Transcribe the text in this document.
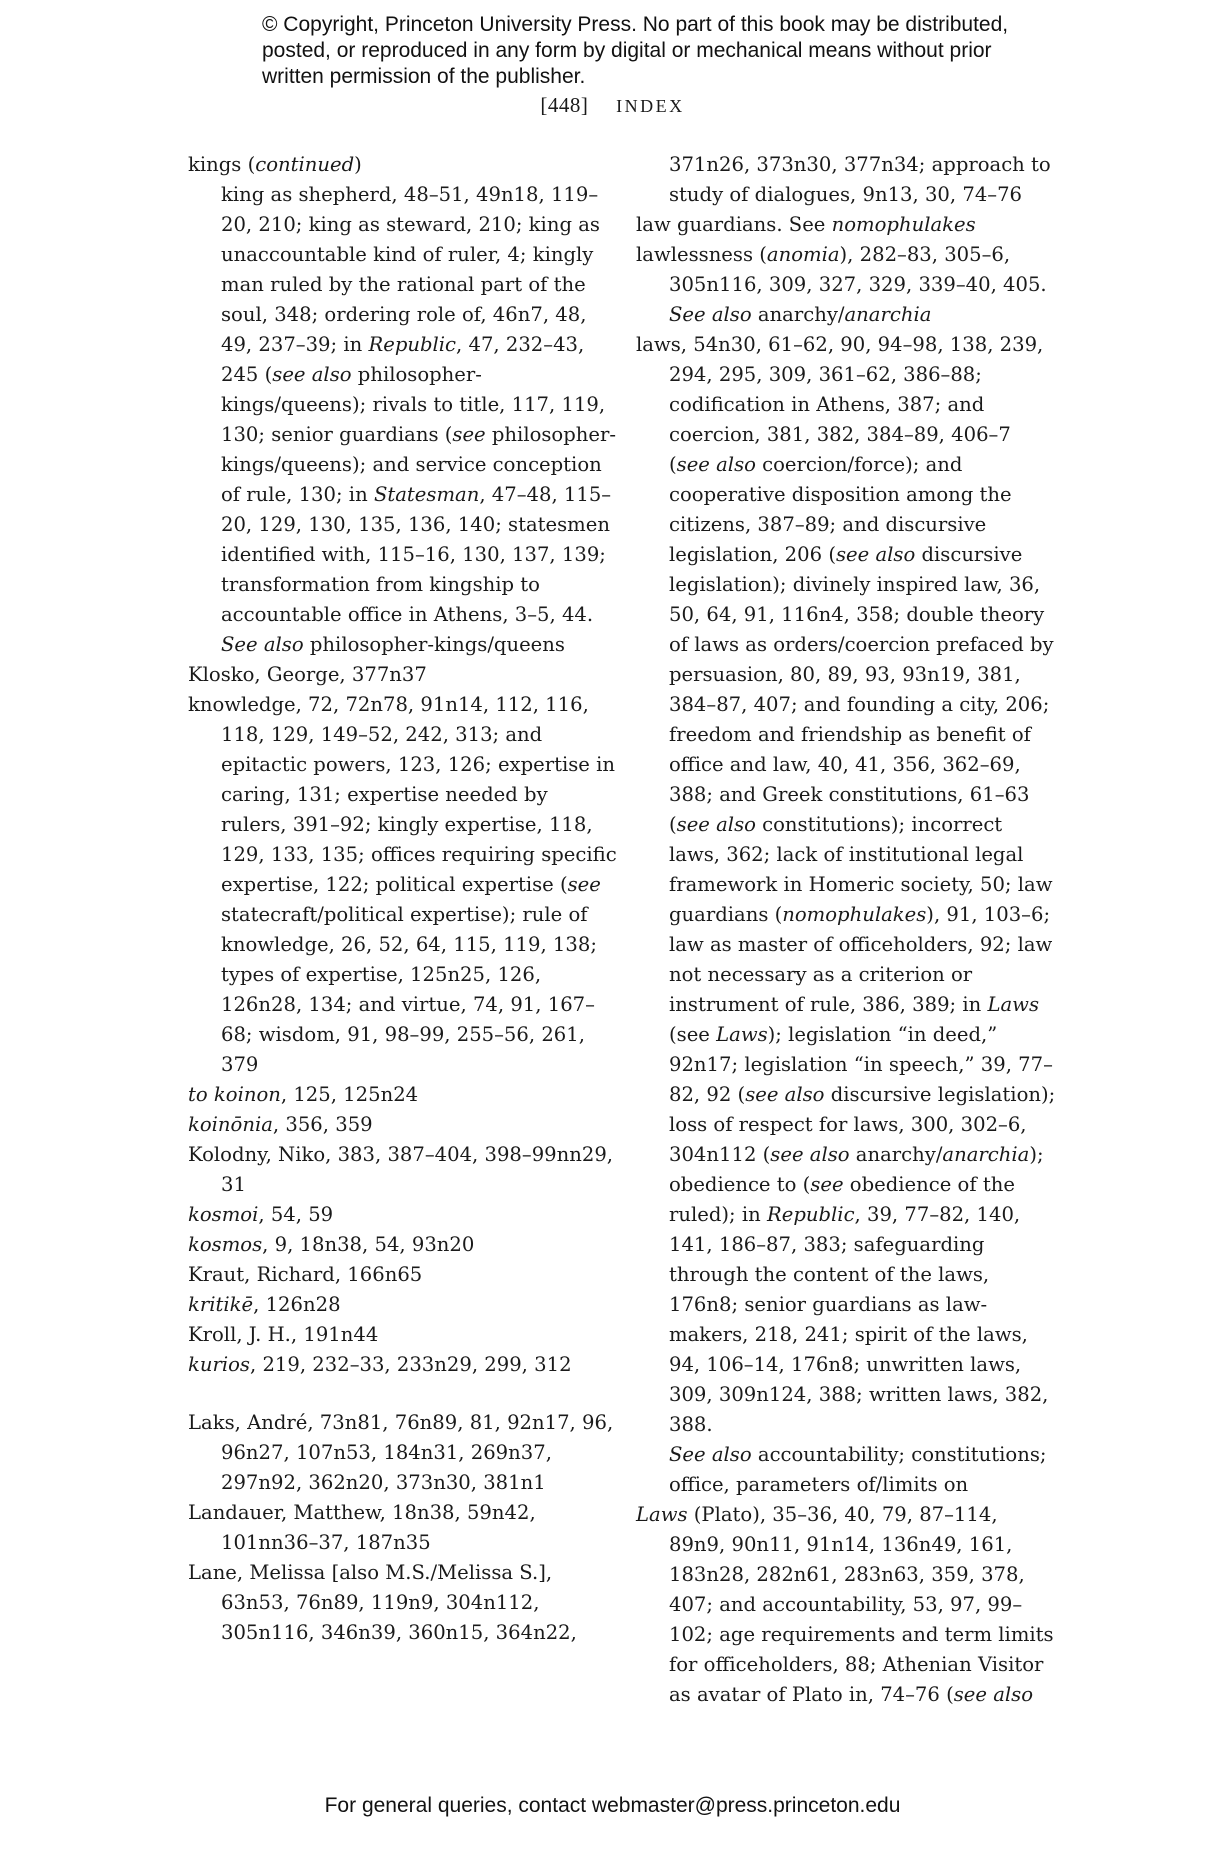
© Copyright, Princeton University Press. No part of this book may be distributed, posted, or reproduced in any form by digital or mechanical means without prior written permission of the publisher.
[448] INDEX

kings (continued)

king as shepherd, 48–51, 49n18, 119–20, 210; king as steward, 210; king as unaccountable kind of ruler, 4; kingly man ruled by the rational part of the soul, 348; ordering role of, 46n7, 48, 49, 237–39; in Republic, 47, 232–43, 245 (see also philosopher-kings/queens); rivals to title, 117, 119, 130; senior guardians (see philosopher-kings/queens); and service conception of rule, 130; in Statesman, 47–48, 115–20, 129, 130, 135, 136, 140; statesmen identified with, 115–16, 130, 137, 139; transformation from kingship to accountable office in Athens, 3–5, 44.

See also philosopher-kings/queens

Klosko, George, 377n37

knowledge, 72, 72n78, 91n14, 112, 116, 118, 129, 149–52, 242, 313; and epitactic powers, 123, 126; expertise in caring, 131; expertise needed by rulers, 391–92; kingly expertise, 118, 129, 133, 135; offices requiring specific expertise, 122; political expertise (see statecraft/political expertise); rule of knowledge, 26, 52, 64, 115, 119, 138; types of expertise, 125n25, 126, 126n28, 134; and virtue, 74, 91, 167–68; wisdom, 91, 98–99, 255–56, 261, 379

to koinon, 125, 125n24

koinōnia, 356, 359

Kolodny, Niko, 383, 387–404, 398–99nn29, 31

kosmoi, 54, 59

kosmos, 9, 18n38, 54, 93n20

Kraut, Richard, 166n65

kritikē, 126n28

Kroll, J. H., 191n44

kurios, 219, 232–33, 233n29, 299, 312

Laks, André, 73n81, 76n89, 81, 92n17, 96, 96n27, 107n53, 184n31, 269n37, 297n92, 362n20, 373n30, 381n1

Landauer, Matthew, 18n38, 59n42, 101nn36–37, 187n35

Lane, Melissa [also M.S./Melissa S.], 63n53, 76n89, 119n9, 304n112, 305n116, 346n39, 360n15, 364n22,

371n26, 373n30, 377n34; approach to study of dialogues, 9n13, 30, 74–76

law guardians. See nomophulakes

lawlessness (anomia), 282–83, 305–6, 305n116, 309, 327, 329, 339–40, 405.

See also anarchy/anarchia

laws, 54n30, 61–62, 90, 94–98, 138, 239, 294, 295, 309, 361–62, 386–88; codification in Athens, 387; and coercion, 381, 382, 384–89, 406–7 (see also coercion/force); and cooperative disposition among the citizens, 387–89; and discursive legislation, 206 (see also discursive legislation); divinely inspired law, 36, 50, 64, 91, 116n4, 358; double theory of laws as orders/coercion prefaced by persuasion, 80, 89, 93, 93n19, 381, 384–87, 407; and founding a city, 206; freedom and friendship as benefit of office and law, 40, 41, 356, 362–69, 388; and Greek constitutions, 61–63 (see also constitutions); incorrect laws, 362; lack of institutional legal framework in Homeric society, 50; law guardians (nomophulakes), 91, 103–6; law as master of officeholders, 92; law not necessary as a criterion or instrument of rule, 386, 389; in Laws (see Laws); legislation “in deed,” 92n17; legislation “in speech,” 39, 77–82, 92 (see also discursive legislation); loss of respect for laws, 300, 302–6, 304n112 (see also anarchy/anarchia); obedience to (see obedience of the ruled); in Republic, 39, 77–82, 140, 141, 186–87, 383; safeguarding through the content of the laws, 176n8; senior guardians as law-makers, 218, 241; spirit of the laws, 94, 106–14, 176n8; unwritten laws, 309, 309n124, 388; written laws, 382, 388.

See also accountability; constitutions; office, parameters of/limits on

Laws (Plato), 35–36, 40, 79, 87–114, 89n9, 90n11, 91n14, 136n49, 161, 183n28, 282n61, 283n63, 359, 378, 407; and accountability, 53, 97, 99–102; age requirements and term limits for officeholders, 88; Athenian Visitor as avatar of Plato in, 74–76 (see also

For general queries, contact webmaster@press.princeton.edu
